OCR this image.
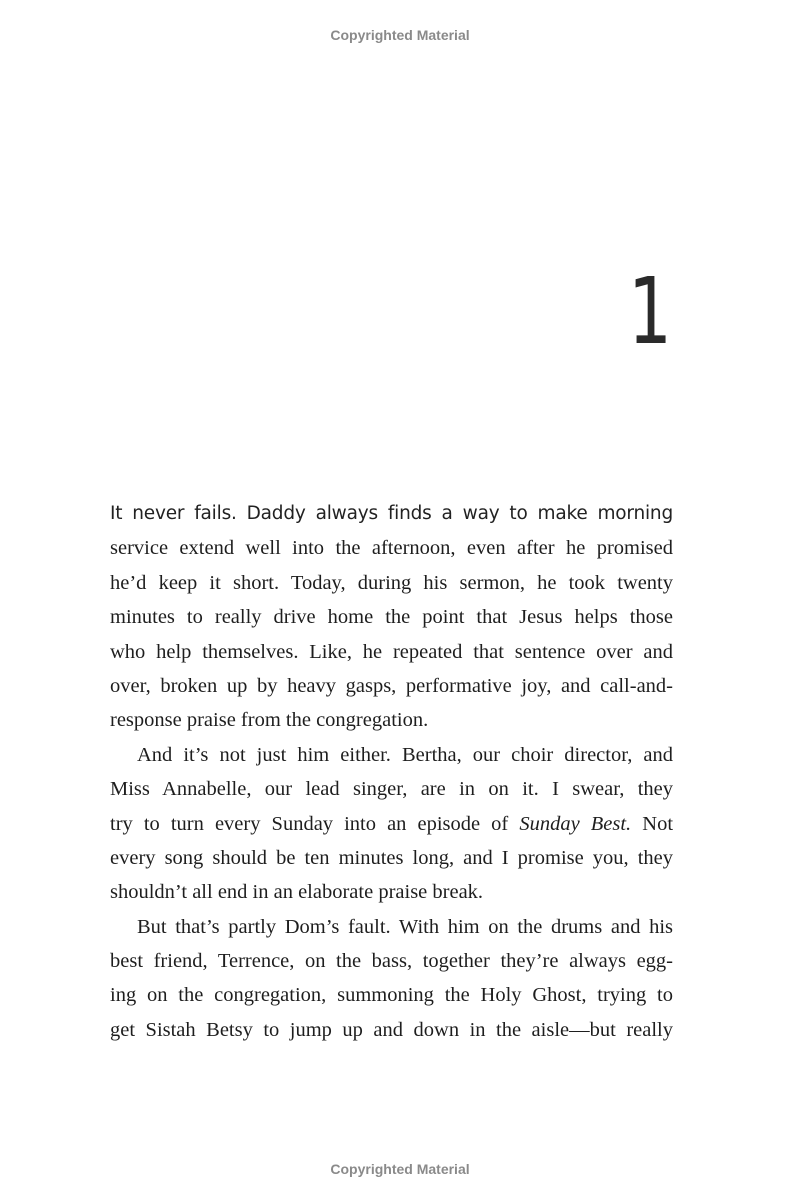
Copyrighted Material
1
It never fails. Daddy always finds a way to make morning
service extend well into the afternoon, even after he promised
he’d keep it short. Today, during his sermon, he took twenty
minutes to really drive home the point that Jesus helps those
who help themselves. Like, he repeated that sentence over and
over, broken up by heavy gasps, performative joy, and call-and-
response praise from the congregation.
And it’s not just him either. Bertha, our choir director, and
Miss Annabelle, our lead singer, are in on it. I swear, they
try to turn every Sunday into an episode of Sunday Best. Not
every song should be ten minutes long, and I promise you, they
shouldn’t all end in an elaborate praise break.
But that’s partly Dom’s fault. With him on the drums and his
best friend, Terrence, on the bass, together they’re always egg-
ing on the congregation, summoning the Holy Ghost, trying to
get Sistah Betsy to jump up and down in the aisle—but really
Copyrighted Material
